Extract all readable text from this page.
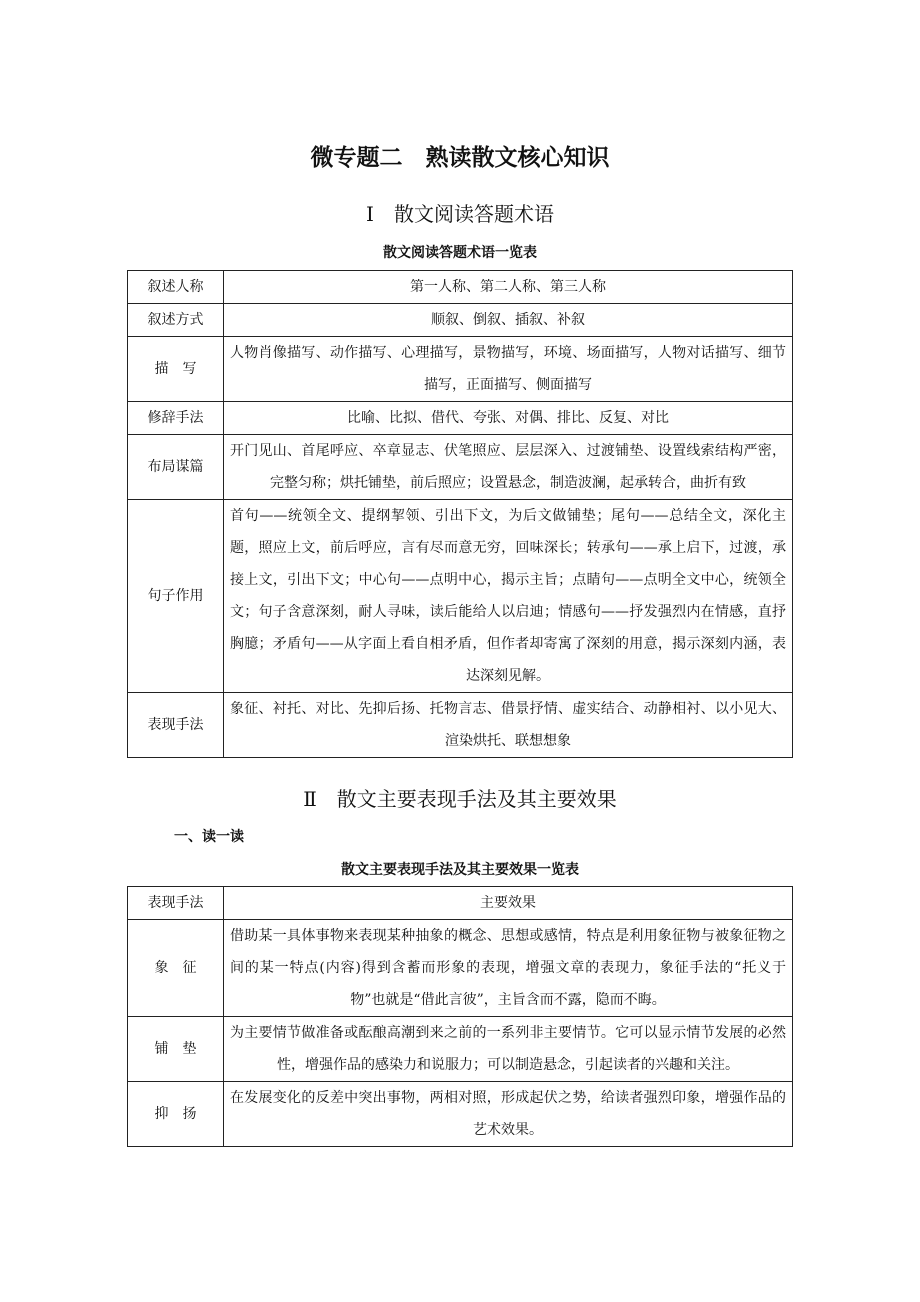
微专题二　熟读散文核心知识
Ⅰ　散文阅读答题术语
散文阅读答题术语一览表
叙述人称	第一人称、第二人称、第三人称
叙述方式	顺叙、倒叙、插叙、补叙
描　写	人物肖像描写、动作描写、心理描写，景物描写，环境、场面描写，人物对话描写、细节描写，正面描写、侧面描写
修辞手法	比喻、比拟、借代、夸张、对偶、排比、反复、对比
布局谋篇	开门见山、首尾呼应、卒章显志、伏笔照应、层层深入、过渡铺垫、设置线索结构严密，完整匀称；烘托铺垫，前后照应；设置悬念，制造波澜，起承转合，曲折有致
句子作用	首句——统领全文、提纲挈领、引出下文，为后文做铺垫；尾句——总结全文，深化主题，照应上文，前后呼应，言有尽而意无穷，回味深长；转承句——承上启下，过渡，承接上文，引出下文；中心句——点明中心，揭示主旨；点睛句——点明全文中心，统领全文；句子含意深刻，耐人寻味，读后能给人以启迪；情感句——抒发强烈内在情感，直抒胸臆；矛盾句——从字面上看自相矛盾，但作者却寄寓了深刻的用意，揭示深刻内涵，表达深刻见解。
表现手法	象征、衬托、对比、先抑后扬、托物言志、借景抒情、虚实结合、动静相衬、以小见大、渲染烘托、联想想象
Ⅱ　散文主要表现手法及其主要效果
一、读一读
散文主要表现手法及其主要效果一览表
表现手法	主要效果
象　征	借助某一具体事物来表现某种抽象的概念、思想或感情，特点是利用象征物与被象征物之间的某一特点(内容)得到含蓄而形象的表现，增强文章的表现力，象征手法的“托义于物”也就是“借此言彼”，主旨含而不露，隐而不晦。
铺　垫	为主要情节做准备或酝酿高潮到来之前的一系列非主要情节。它可以显示情节发展的必然性，增强作品的感染力和说服力；可以制造悬念，引起读者的兴趣和关注。
抑　扬	在发展变化的反差中突出事物，两相对照，形成起伏之势，给读者强烈印象，增强作品的艺术效果。
